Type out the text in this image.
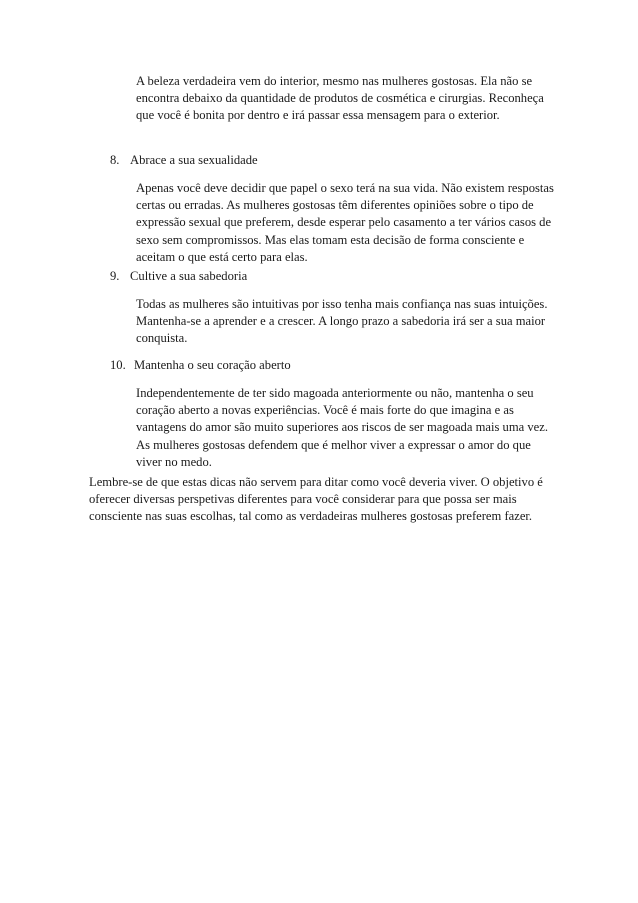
A beleza verdadeira vem do interior, mesmo nas mulheres gostosas. Ela não se encontra debaixo da quantidade de produtos de cosmética e cirurgias. Reconheça que você é bonita por dentro e irá passar essa mensagem para o exterior.

8. Abrace a sua sexualidade

Apenas você deve decidir que papel o sexo terá na sua vida. Não existem respostas certas ou erradas. As mulheres gostosas têm diferentes opiniões sobre o tipo de expressão sexual que preferem, desde esperar pelo casamento a ter vários casos de sexo sem compromissos. Mas elas tomam esta decisão de forma consciente e aceitam o que está certo para elas.

9. Cultive a sua sabedoria

Todas as mulheres são intuitivas por isso tenha mais confiança nas suas intuições. Mantenha-se a aprender e a crescer. A longo prazo a sabedoria irá ser a sua maior conquista.

10. Mantenha o seu coração aberto

Independentemente de ter sido magoada anteriormente ou não, mantenha o seu coração aberto a novas experiências. Você é mais forte do que imagina e as vantagens do amor são muito superiores aos riscos de ser magoada mais uma vez. As mulheres gostosas defendem que é melhor viver a expressar o amor do que viver no medo.

Lembre-se de que estas dicas não servem para ditar como você deveria viver. O objetivo é oferecer diversas perspetivas diferentes para você considerar para que possa ser mais consciente nas suas escolhas, tal como as verdadeiras mulheres gostosas preferem fazer.
